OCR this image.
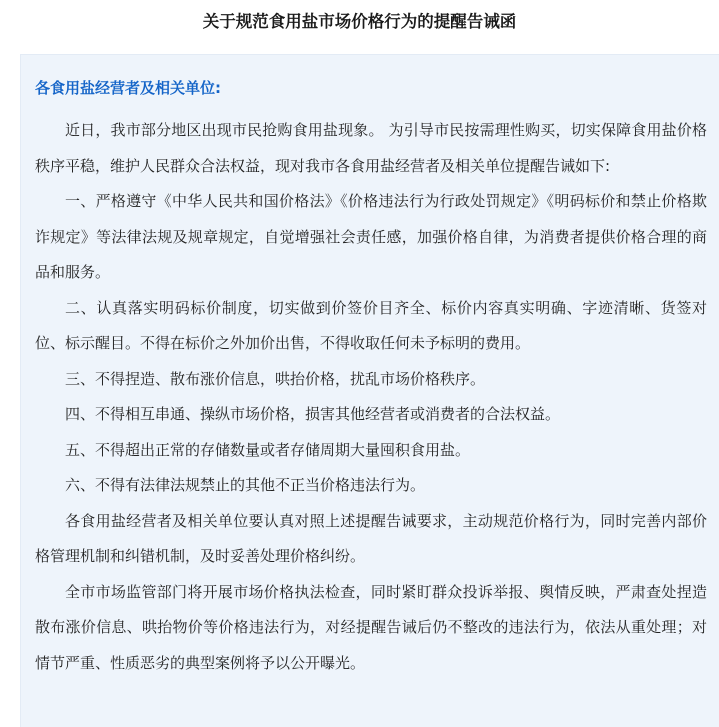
关于规范食用盐市场价格行为的提醒告诫函

各食用盐经营者及相关单位:

近日，我市部分地区出现市民抢购食用盐现象。 为引导市民按需理性购买，切实保障食用盐价格秩序平稳，维护人民群众合法权益，现对我市各食用盐经营者及相关单位提醒告诫如下:

一、严格遵守《中华人民共和国价格法》《价格违法行为行政处罚规定》《明码标价和禁止价格欺诈规定》等法律法规及规章规定，自觉增强社会责任感，加强价格自律，为消费者提供价格合理的商品和服务。

二、认真落实明码标价制度，切实做到价签价目齐全、标价内容真实明确、字迹清晰、货签对位、标示醒目。不得在标价之外加价出售，不得收取任何未予标明的费用。

三、不得捏造、散布涨价信息，哄抬价格，扰乱市场价格秩序。

四、不得相互串通、操纵市场价格，损害其他经营者或消费者的合法权益。

五、不得超出正常的存储数量或者存储周期大量囤积食用盐。

六、不得有法律法规禁止的其他不正当价格违法行为。

各食用盐经营者及相关单位要认真对照上述提醒告诫要求，主动规范价格行为，同时完善内部价格管理机制和纠错机制，及时妥善处理价格纠纷。

全市市场监管部门将开展市场价格执法检查，同时紧盯群众投诉举报、舆情反映，严肃查处捏造散布涨价信息、哄抬物价等价格违法行为，对经提醒告诫后仍不整改的违法行为，依法从重处理；对情节严重、性质恶劣的典型案例将予以公开曝光。
